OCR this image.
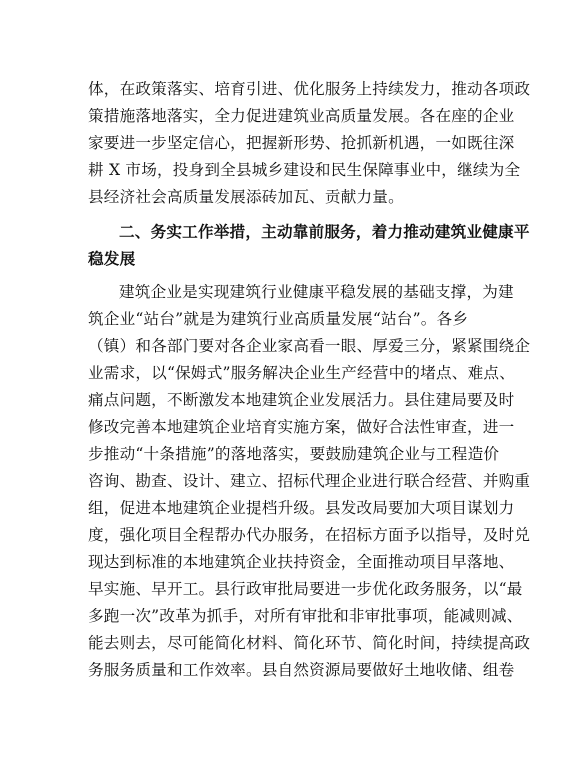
体，在政策落实、培育引进、优化服务上持续发力，推动各项政
策措施落地落实，全力促进建筑业高质量发展。各在座的企业
家要进一步坚定信心，把握新形势、抢抓新机遇，一如既往深
耕 X 市场，投身到全县城乡建设和民生保障事业中，继续为全
县经济社会高质量发展添砖加瓦、贡献力量。
二、务实工作举措，主动靠前服务，着力推动建筑业健康平
稳发展
建筑企业是实现建筑行业健康平稳发展的基础支撑，为建
筑企业“站台”就是为建筑行业高质量发展“站台”。各乡
（镇）和各部门要对各企业家高看一眼、厚爱三分，紧紧围绕企
业需求，以“保姆式”服务解决企业生产经营中的堵点、难点、
痛点问题，不断激发本地建筑企业发展活力。县住建局要及时
修改完善本地建筑企业培育实施方案，做好合法性审查，进一
步推动“十条措施”的落地落实，要鼓励建筑企业与工程造价
咨询、勘查、设计、建立、招标代理企业进行联合经营、并购重
组，促进本地建筑企业提档升级。县发改局要加大项目谋划力
度，强化项目全程帮办代办服务，在招标方面予以指导，及时兑
现达到标准的本地建筑企业扶持资金，全面推动项目早落地、
早实施、早开工。县行政审批局要进一步优化政务服务，以“最
多跑一次”改革为抓手，对所有审批和非审批事项，能减则减、
能去则去，尽可能简化材料、简化环节、简化时间，持续提高政
务服务质量和工作效率。县自然资源局要做好土地收储、组卷
